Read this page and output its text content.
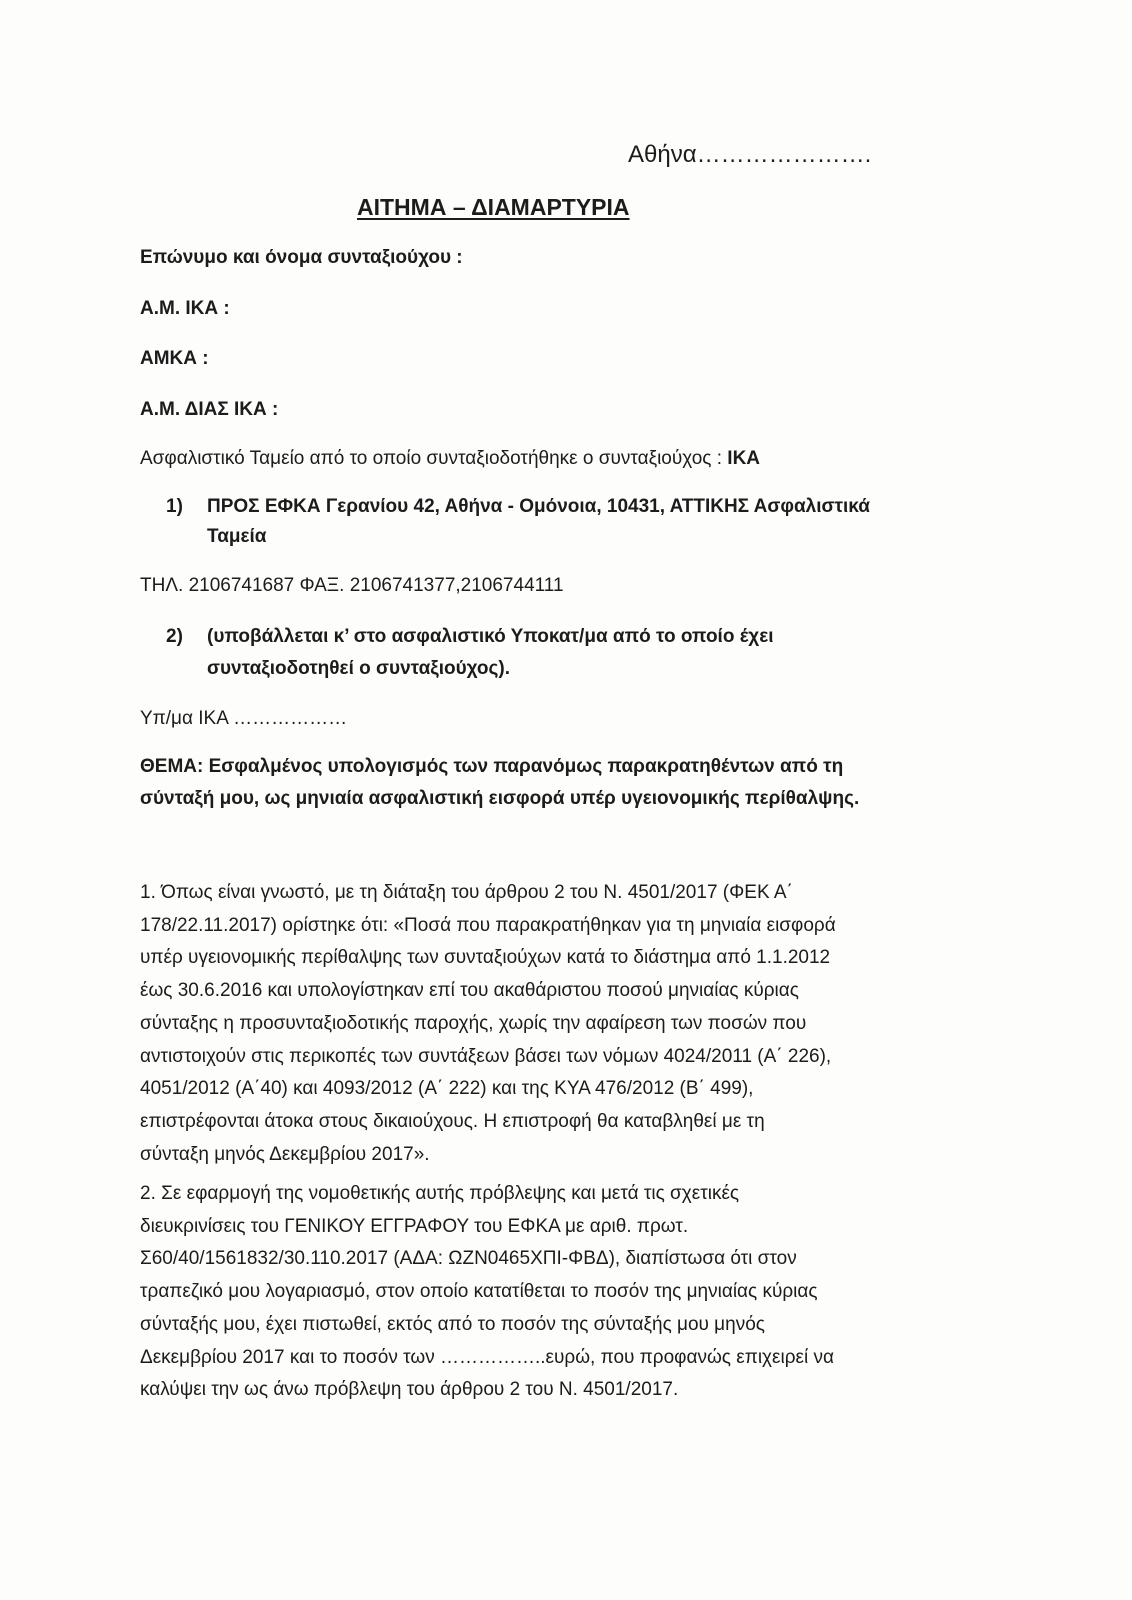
Αθήνα………………….
ΑΙΤΗΜΑ – ΔΙΑΜΑΡΤΥΡΙΑ
Επώνυμο και όνομα συνταξιούχου :
Α.Μ. ΙΚΑ :
ΑΜΚΑ :
Α.Μ. ΔΙΑΣ ΙΚΑ :
Ασφαλιστικό Ταμείο από το οποίο συνταξιοδοτήθηκε ο συνταξιούχος : ΙΚΑ
1) ΠΡΟΣ ΕΦΚΑ Γερανίου 42, Αθήνα - Ομόνοια, 10431, ΑΤΤΙΚΗΣ Ασφαλιστικά
Ταμεία
ΤΗΛ. 2106741687 ΦΑΞ. 2106741377,2106744111
2) (υποβάλλεται κ’ στο ασφαλιστικό Υποκατ/μα από το οποίο έχει
συνταξιοδοτηθεί ο συνταξιούχος).
Υπ/μα ΙΚΑ ………………
ΘΕΜΑ: Εσφαλμένος υπολογισμός των παρανόμως παρακρατηθέντων από τη
σύνταξή μου, ως μηνιαία ασφαλιστική εισφορά υπέρ υγειονομικής περίθαλψης.
1. Όπως είναι γνωστό, με τη διάταξη του άρθρου 2 του Ν. 4501/2017 (ΦΕΚ Α΄
178/22.11.2017) ορίστηκε ότι: «Ποσά που παρακρατήθηκαν για τη μηνιαία εισφορά
υπέρ υγειονομικής περίθαλψης των συνταξιούχων κατά το διάστημα από 1.1.2012
έως 30.6.2016 και υπολογίστηκαν επί του ακαθάριστου ποσού μηνιαίας κύριας
σύνταξης η προσυνταξιοδοτικής παροχής, χωρίς την αφαίρεση των ποσών που
αντιστοιχούν στις περικοπές των συντάξεων βάσει των νόμων 4024/2011 (Α΄ 226),
4051/2012 (Α΄40) και 4093/2012 (Α΄ 222) και της ΚΥΑ 476/2012 (Β΄ 499),
επιστρέφονται άτοκα στους δικαιούχους. Η επιστροφή θα καταβληθεί με τη
σύνταξη μηνός Δεκεμβρίου 2017».
2. Σε εφαρμογή της νομοθετικής αυτής πρόβλεψης και μετά τις σχετικές
διευκρινίσεις του ΓΕΝΙΚΟΥ ΕΓΓΡΑΦΟΥ του ΕΦΚΑ με αριθ. πρωτ.
Σ60/40/1561832/30.110.2017 (ΑΔΑ: ΩΖΝ0465ΧΠΙ-ΦΒΔ), διαπίστωσα ότι στον
τραπεζικό μου λογαριασμό, στον οποίο κατατίθεται το ποσόν της μηνιαίας κύριας
σύνταξής μου, έχει πιστωθεί, εκτός από το ποσόν της σύνταξής μου μηνός
Δεκεμβρίου 2017 και το ποσόν των ……………..ευρώ, που προφανώς επιχειρεί να
καλύψει την ως άνω πρόβλεψη του άρθρου 2 του Ν. 4501/2017.
